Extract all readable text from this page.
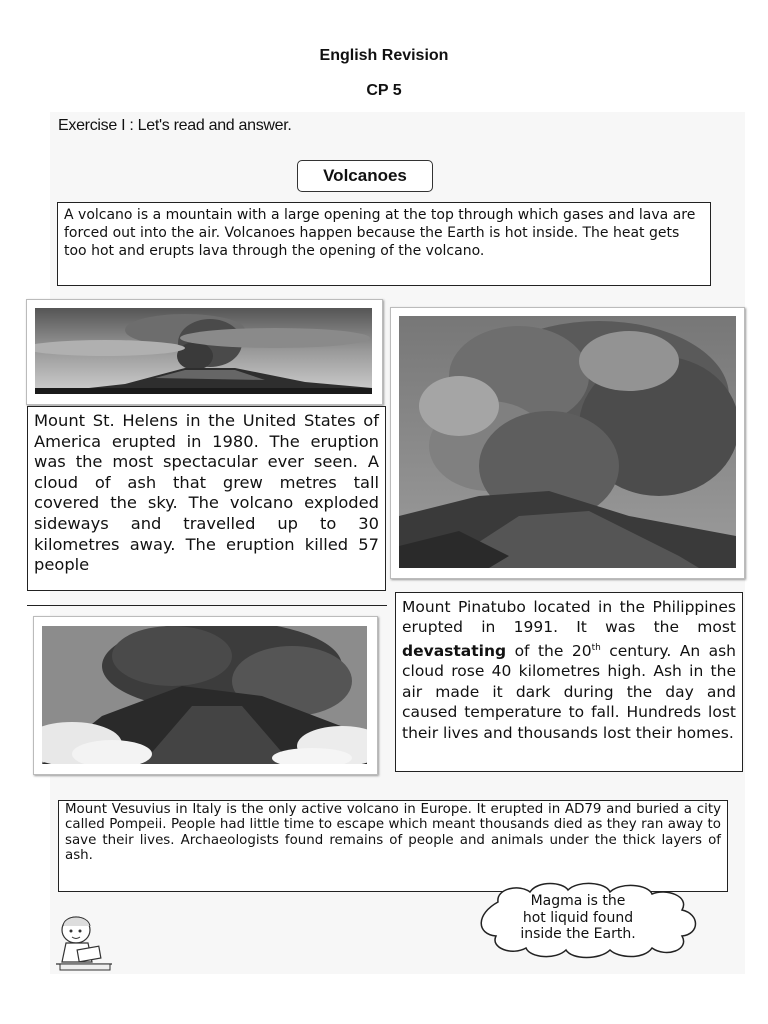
English Revision
CP 5
Exercise I : Let's read and answer.
Volcanoes
A volcano is a mountain with a large opening at the top through which gases and lava are forced out into the air. Volcanoes happen because the Earth is hot inside. The heat gets too hot and erupts lava through the opening of the volcano.
Mount St. Helens in the United States of America erupted in 1980. The eruption was the most spectacular ever seen. A cloud of ash that grew metres tall covered the sky. The volcano exploded sideways and travelled up to 30 kilometres away. The eruption killed 57 people
Mount Pinatubo located in the Philippines erupted in 1991. It was the most devastating of the 20th century. An ash cloud rose 40 kilometres high. Ash in the air made it dark during the day and caused temperature to fall. Hundreds lost their lives and thousands lost their homes.
Mount Vesuvius in Italy is the only active volcano in Europe. It erupted in AD79 and buried a city called Pompeii. People had little time to escape which meant thousands died as they ran away to save their lives. Archaeologists found remains of people and animals under the thick layers of ash.
Magma is the
hot liquid found
inside the Earth.
